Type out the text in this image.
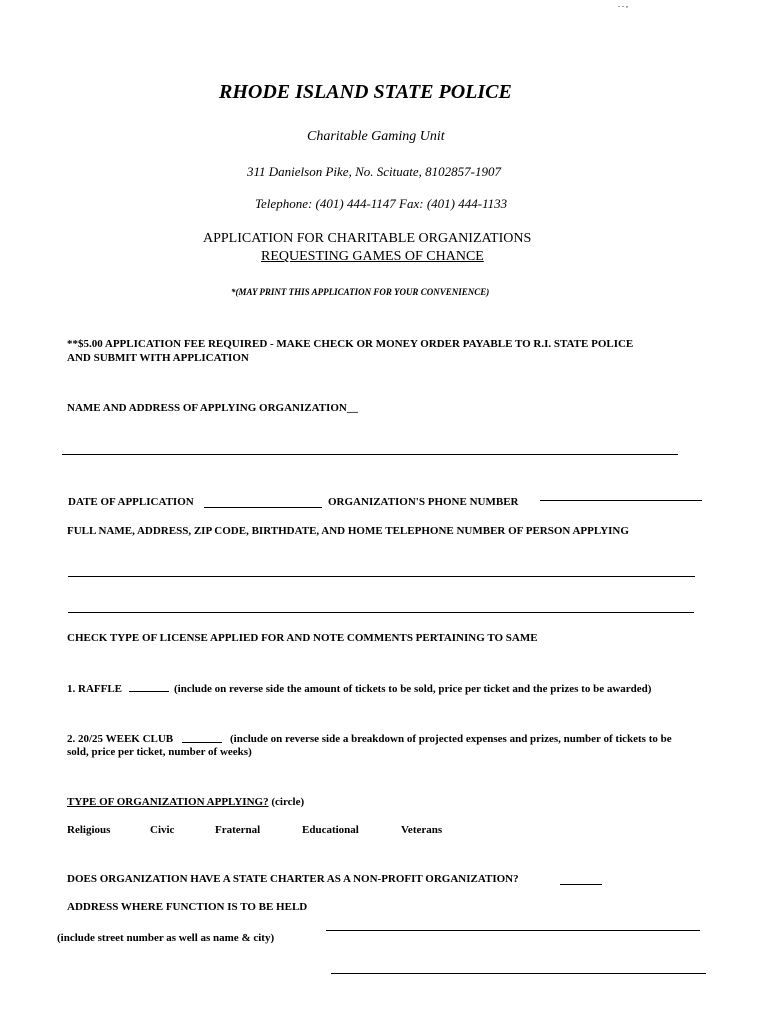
. . ,
RHODE ISLAND STATE POLICE
Charitable Gaming Unit
311 Danielson Pike, No. Scituate, 8102857-1907
Telephone: (401) 444-1147 Fax: (401) 444-1133
APPLICATION FOR CHARITABLE ORGANIZATIONS
REQUESTING GAMES OF CHANCE
*(MAY PRINT THIS APPLICATION FOR YOUR CONVENIENCE)
**$5.00 APPLICATION FEE REQUIRED - MAKE CHECK OR MONEY ORDER PAYABLE TO R.I. STATE POLICE
AND SUBMIT WITH APPLICATION
NAME AND ADDRESS OF APPLYING ORGANIZATION__
DATE OF APPLICATION	ORGANIZATION'S PHONE NUMBER
FULL NAME, ADDRESS, ZIP CODE, BIRTHDATE, AND HOME TELEPHONE NUMBER OF PERSON APPLYING
CHECK TYPE OF LICENSE APPLIED FOR AND NOTE COMMENTS PERTAINING TO SAME
1. RAFFLE	(include on reverse side the amount of tickets to be sold, price per ticket and the prizes to be awarded)
2. 20/25 WEEK CLUB	(include on reverse side a breakdown of projected expenses and prizes, number of tickets to be
sold, price per ticket, number of weeks)
TYPE OF ORGANIZATION APPLYING? (circle)
Religious	Civic	Fraternal	Educational	Veterans
DOES ORGANIZATION HAVE A STATE CHARTER AS A NON-PROFIT ORGANIZATION?
ADDRESS WHERE FUNCTION IS TO BE HELD
(include street number as well as name & city)
